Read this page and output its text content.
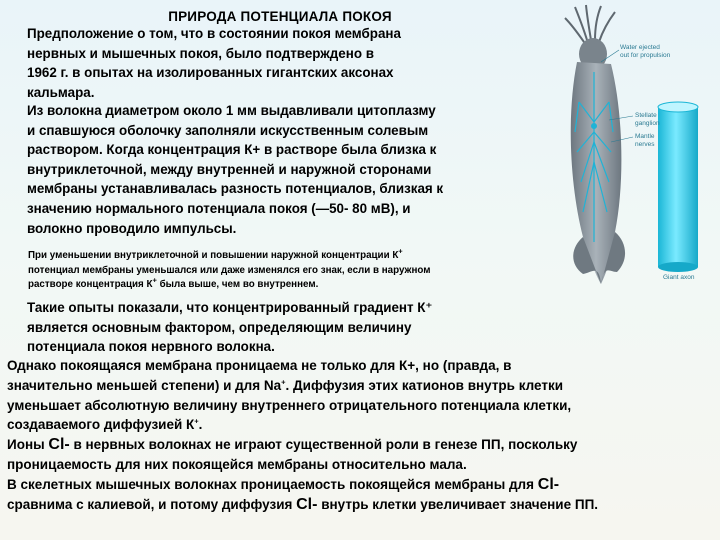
ПРИРОДА ПОТЕНЦИАЛА ПОКОЯ
Предположение о том, что в состоянии покоя мембрана
нервных и мышечных покоя, было подтверждено в
1962 г. в опытах на изолированных гигантских аксонах
кальмара.
Из волокна диаметром около 1 мм выдавливали цитоплазму
и спавшуюся оболочку заполняли искусственным солевым
раствором. Когда концентрация К+ в растворе была близка к
внутриклеточной, между внутренней и наружной сторонами
мембраны устанавливалась разность потенциалов, близкая к
значению нормального потенциала покоя (—50- 80 мВ), и
волокно проводило импульсы.
При уменьшении внутриклеточной и повышении наружной концентрации К+
потенциал мембраны уменьшался или даже изменялся его знак, если в наружном
растворе концентрация К+ была выше, чем во внутреннем.
Такие опыты показали, что концентрированный градиент К⁺
является основным фактором, определяющим величину
потенциала покоя нервного волокна.
Однако покоящаяся мембрана проницаема не только для К+, но (правда, в
значительно меньшей степени) и для Na+. Диффузия этих катионов внутрь клетки
уменьшает абсолютную величину внутреннего отрицательного потенциала клетки,
создаваемого диффузией К+.
Ионы Cl- в нервных волокнах не играют существенной роли в генезе ПП, поскольку
проницаемость для них покоящейся мембраны относительно мала.
В скелетных мышечных волокнах проницаемость покоящейся мембраны для Cl-
сравнима с калиевой, и потому диффузия Cl- внутрь клетки увеличивает значение ПП.
Water ejected
out for propulsion
Stellate
ganglion
Mantle
nerves
Giant axon
